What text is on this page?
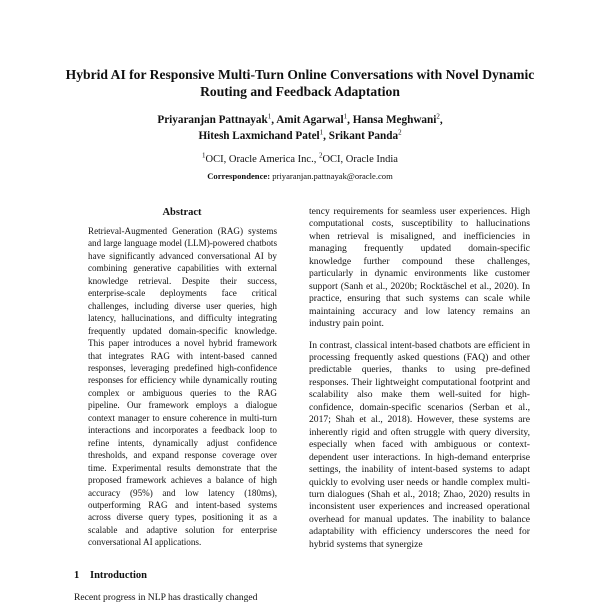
Hybrid AI for Responsive Multi-Turn Online Conversations with Novel Dynamic Routing and Feedback Adaptation
Priyaranjan Pattnayak$^1$, Amit Agarwal$^1$, Hansa Meghwani$^2$,
Hitesh Laxmichand Patel$^1$, Srikant Panda$^2$
$^1$OCI, Oracle America Inc., $^2$OCI, Oracle India
Correspondence: priyaranjan.pattnayak@oracle.com
Abstract
Retrieval-Augmented Generation (RAG) systems and large language model (LLM)-powered chatbots have significantly advanced conversational AI by combining generative capabilities with external knowledge retrieval. Despite their success, enterprise-scale deployments face critical challenges, including diverse user queries, high latency, hallucinations, and difficulty integrating frequently updated domain-specific knowledge. This paper introduces a novel hybrid framework that integrates RAG with intent-based canned responses, leveraging predefined high-confidence responses for efficiency while dynamically routing complex or ambiguous queries to the RAG pipeline. Our framework employs a dialogue context manager to ensure coherence in multi-turn interactions and incorporates a feedback loop to refine intents, dynamically adjust confidence thresholds, and expand response coverage over time. Experimental results demonstrate that the proposed framework achieves a balance of high accuracy (95%) and low latency (180ms), outperforming RAG and intent-based systems across diverse query types, positioning it as a scalable and adaptive solution for enterprise conversational AI applications.
1 Introduction
Recent progress in NLP has drastically changed

tency requirements for seamless user experiences. High computational costs, susceptibility to hallucinations when retrieval is misaligned, and inefficiencies in managing frequently updated domain-specific knowledge further compound these challenges, particularly in dynamic environments like customer support (Sanh et al., 2020b; Rocktäschel et al., 2020). In practice, ensuring that such systems can scale while maintaining accuracy and low latency remains an industry pain point.

In contrast, classical intent-based chatbots are efficient in processing frequently asked questions (FAQ) and other predictable queries, thanks to using pre-defined responses. Their lightweight computational footprint and scalability also make them well-suited for high-confidence, domain-specific scenarios (Serban et al., 2017; Shah et al., 2018). However, these systems are inherently rigid and often struggle with query diversity, especially when faced with ambiguous or context-dependent user interactions. In high-demand enterprise settings, the inability of intent-based systems to adapt quickly to evolving user needs or handle complex multi-turn dialogues (Shah et al., 2018; Zhao, 2020) results in inconsistent user experiences and increased operational overhead for manual updates. The inability to balance adaptability with efficiency underscores the need for hybrid systems that synergize
